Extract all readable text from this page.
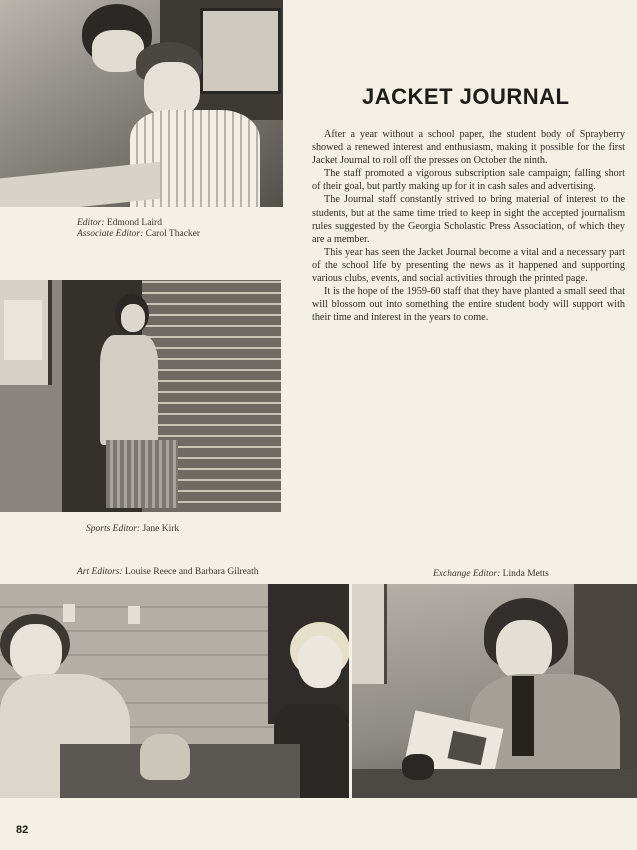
Editor: Edmond Laird
Associate Editor: Carol Thacker
Sports Editor: Jane Kirk
Art Editors: Louise Reece and Barbara Gilreath	Exchange Editor: Linda Metts
JACKET JOURNAL

After a year without a school paper, the student body of Sprayberry showed a renewed interest and enthusiasm, making it possible for the first Jacket Journal to roll off the presses on October the ninth.

The staff promoted a vigorous subscription sale campaign; falling short of their goal, but partly making up for it in cash sales and advertising.

The Journal staff constantly strived to bring material of interest to the students, but at the same time tried to keep in sight the accepted journalism rules suggested by the Georgia Scholastic Press Association, of which they are a member.

This year has seen the Jacket Journal become a vital and a necessary part of the school life by presenting the news as it happened and supporting various clubs, events, and social activities through the printed page.

It is the hope of the 1959-60 staff that they have planted a small seed that will blossom out into something the entire student body will support with their time and interest in the years to come.

82
